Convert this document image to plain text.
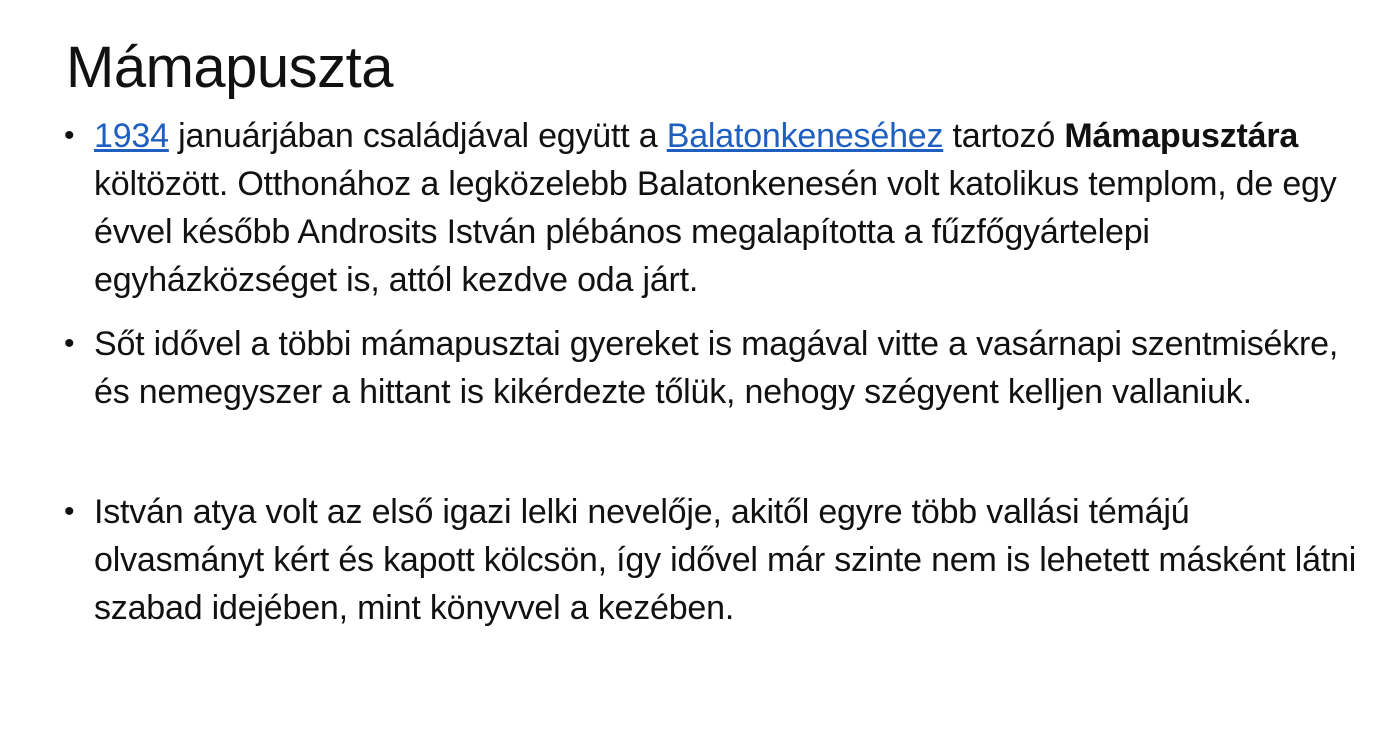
Mámapuszta
• 1934 januárjában családjával együtt a Balatonkeneséhez tartozó Mámapusztára költözött. Otthonához a legközelebb Balatonkenesén volt katolikus templom, de egy évvel később Androsits István plébános megalapította a fűzfőgyártelepi egyházközséget is, attól kezdve oda járt.
• Sőt idővel a többi mámapusztai gyereket is magával vitte a vasárnapi szentmisékre, és nemegyszer a hittant is kikérdezte tőlük, nehogy szégyent kelljen vallaniuk.
• István atya volt az első igazi lelki nevelője, akitől egyre több vallási témájú olvasmányt kért és kapott kölcsön, így idővel már szinte nem is lehetett másként látni szabad idejében, mint könyvvel a kezében.
